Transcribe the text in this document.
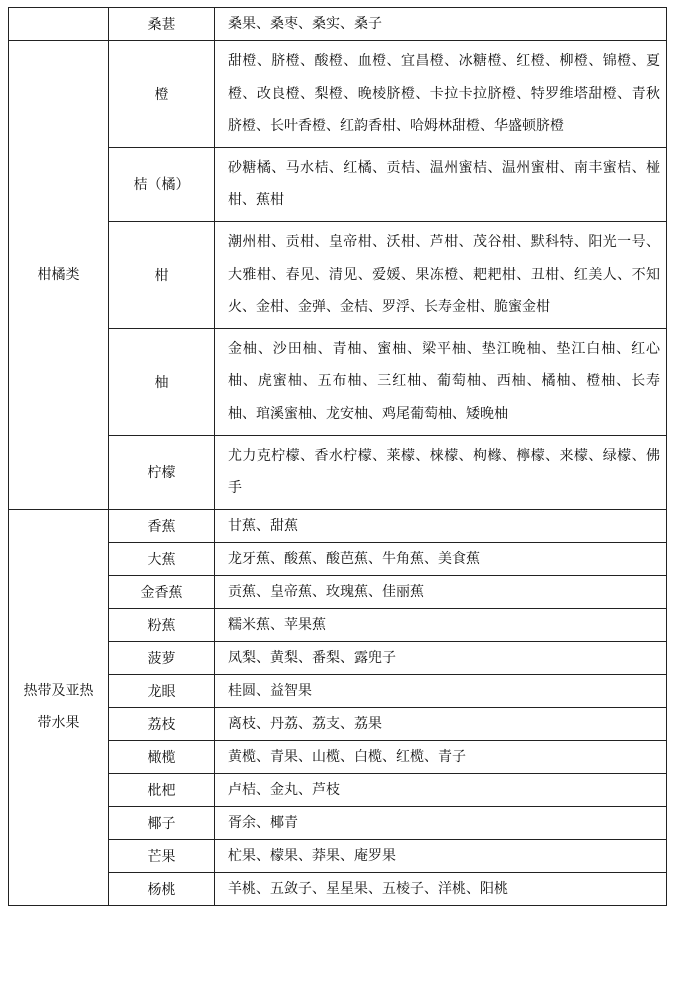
	桑葚	桑果、桑枣、桑实、桑子
柑橘类	橙	甜橙、脐橙、酸橙、血橙、宜昌橙、冰糖橙、红橙、柳橙、锦橙、夏橙、改良橙、梨橙、晚棱脐橙、卡拉卡拉脐橙、特罗维塔甜橙、青秋脐橙、长叶香橙、红韵香柑、哈姆林甜橙、华盛顿脐橙
	桔（橘）	砂糖橘、马水桔、红橘、贡桔、温州蜜桔、温州蜜柑、南丰蜜桔、椪柑、蕉柑
	柑	潮州柑、贡柑、皇帝柑、沃柑、芦柑、茂谷柑、默科特、阳光一号、大雅柑、春见、清见、爱媛、果冻橙、耙耙柑、丑柑、红美人、不知火、金柑、金弹、金桔、罗浮、长寿金柑、脆蜜金柑
	柚	金柚、沙田柚、青柚、蜜柚、梁平柚、垫江晚柚、垫江白柚、红心柚、虎蜜柚、五布柚、三红柚、葡萄柚、西柚、橘柚、橙柚、长寿柚、琯溪蜜柚、龙安柚、鸡尾葡萄柚、矮晚柚
	柠檬	尤力克柠檬、香水柠檬、莱檬、梾檬、枸橼、檸檬、来檬、绿檬、佛手
热带及亚热带水果	香蕉	甘蕉、甜蕉
	大蕉	龙牙蕉、酸蕉、酸芭蕉、牛角蕉、美食蕉
	金香蕉	贡蕉、皇帝蕉、玫瑰蕉、佳丽蕉
	粉蕉	糯米蕉、苹果蕉
	菠萝	凤梨、黄梨、番梨、露兜子
	龙眼	桂圆、益智果
	荔枝	离枝、丹荔、荔支、荔果
	橄榄	黄榄、青果、山榄、白榄、红榄、青子
	枇杷	卢桔、金丸、芦枝
	椰子	胥余、椰青
	芒果	杧果、檬果、莽果、庵罗果
	杨桃	羊桃、五敛子、星星果、五棱子、洋桃、阳桃
